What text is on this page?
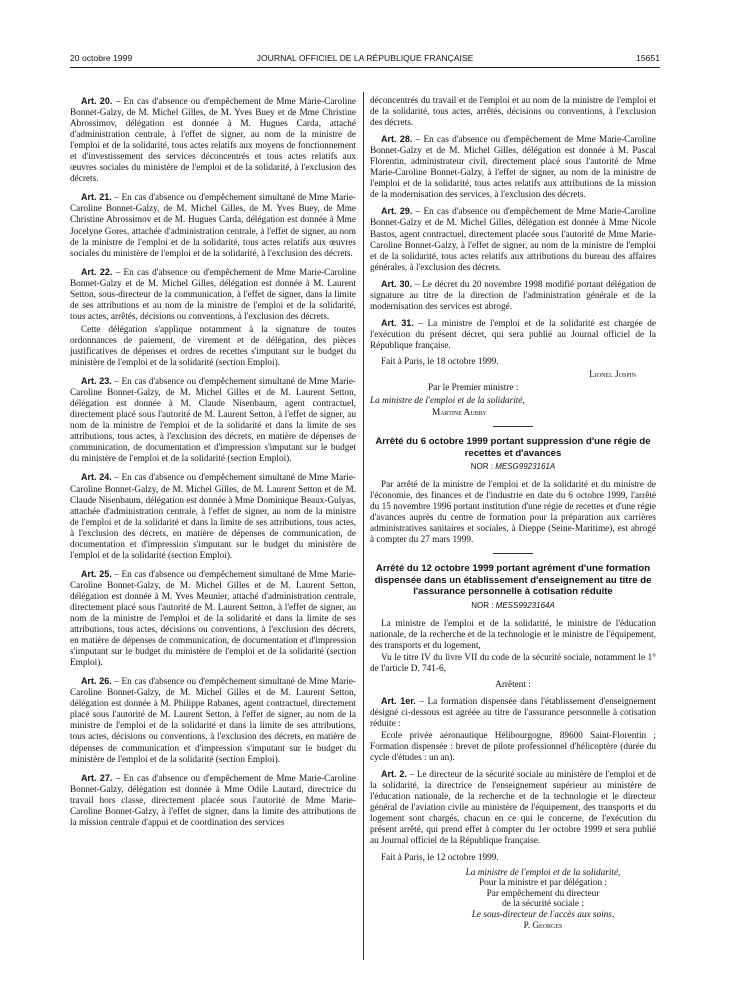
20 octobre 1999	JOURNAL OFFICIEL DE LA RÉPUBLIQUE FRANÇAISE	15651

Art. 20. – En cas d'absence ou d'empêchement de Mme Marie-Caroline Bonnet-Galzy, de M. Michel Gilles, de M. Yves Buey et de Mme Christine Abrossimov, délégation est donnée à M. Hugues Carda, attaché d'administration centrale, à l'effet de signer, au nom de la ministre de l'emploi et de la solidarité, tous actes relatifs aux moyens de fonctionnement et d'investissement des services déconcentrés et tous actes relatifs aux œuvres sociales du ministère de l'emploi et de la solidarité, à l'exclusion des décrets.

Art. 21. – En cas d'absence ou d'empêchement simultané de Mme Marie-Caroline Bonnet-Galzy, de M. Michel Gilles, de M. Yves Buey, de Mme Christine Abrossimov et de M. Hugues Carda, délégation est donnée à Mme Jocelyne Gores, attachée d'administration centrale, à l'effet de signer, au nom de la ministre de l'emploi et de la solidarité, tous actes relatifs aux œuvres sociales du ministère de l'emploi et de la solidarité, à l'exclusion des décrets.

Art. 22. – En cas d'absence ou d'empêchement de Mme Marie-Caroline Bonnet-Galzy et de M. Michel Gilles, délégation est donnée à M. Laurent Setton, sous-directeur de la communication, à l'effet de signer, dans la limite de ses attributions et au nom de la ministre de l'emploi et de la solidarité, tous actes, arrêtés, décisions ou conventions, à l'exclusion des décrets.

Cette délégation s'applique notamment à la signature de toutes ordonnances de paiement, de virement et de délégation, des pièces justificatives de dépenses et ordres de recettes s'imputant sur le budget du ministère de l'emploi et de la solidarité (section Emploi).

Art. 23. – En cas d'absence ou d'empêchement simultané de Mme Marie-Caroline Bonnet-Galzy, de M. Michel Gilles et de M. Laurent Setton, délégation est donnée à M. Claude Nisenbaum, agent contractuel, directement placé sous l'autorité de M. Laurent Setton, à l'effet de signer, au nom de la ministre de l'emploi et de la solidarité et dans la limite de ses attributions, tous actes, à l'exclusion des décrets, en matière de dépenses de communication, de documentation et d'impression s'imputant sur le budget du ministère de l'emploi et de la solidarité (section Emploi).

Art. 24. – En cas d'absence ou d'empêchement simultané de Mme Marie-Caroline Bonnet-Galzy, de M. Michel Gilles, de M. Laurent Setton et de M. Claude Nisenbaum, délégation est donnée à Mme Dominique Beaux-Gulyas, attachée d'administration centrale, à l'effet de signer, au nom de la ministre de l'emploi et de la solidarité et dans la limite de ses attributions, tous actes, à l'exclusion des décrets, en matière de dépenses de communication, de documentation et d'impression s'imputant sur le budget du ministère de l'emploi et de la solidarité (section Emploi).

Art. 25. – En cas d'absence ou d'empêchement simultané de Mme Marie-Caroline Bonnet-Galzy, de M. Michel Gilles et de M. Laurent Setton, délégation est donnée à M. Yves Meunier, attaché d'administration centrale, directement placé sous l'autorité de M. Laurent Setton, à l'effet de signer, au nom de la ministre de l'emploi et de la solidarité et dans la limite de ses attributions, tous actes, décisions ou conventions, à l'exclusion des décrets, en matière de dépenses de communication, de documentation et d'impression s'imputant sur le budget du ministère de l'emploi et de la solidarité (section Emploi).

Art. 26. – En cas d'absence ou d'empêchement simultané de Mme Marie-Caroline Bonnet-Galzy, de M. Michel Gilles et de M. Laurent Setton, délégation est donnée à M. Philippe Rabanes, agent contractuel, directement placé sous l'autorité de M. Laurent Setton, à l'effet de signer, au nom de la ministre de l'emploi et de la solidarité et dans la limite de ses attributions, tous actes, décisions ou conventions, à l'exclusion des décrets, en matière de dépenses de communication et d'impression s'imputant sur le budget du ministère de l'emploi et de la solidarité (section Emploi).

Art. 27. – En cas d'absence ou d'empêchement de Mme Marie-Caroline Bonnet-Galzy, délégation est donnée à Mme Odile Lautard, directrice du travail hors classe, directement placée sous l'autorité de Mme Marie-Caroline Bonnet-Galzy, à l'effet de signer, dans la limite des attributions de la mission centrale d'appui et de coordination des services

déconcentrés du travail et de l'emploi et au nom de la ministre de l'emploi et de la solidarité, tous actes, arrêtés, décisions ou conventions, à l'exclusion des décrets.

Art. 28. – En cas d'absence ou d'empêchement de Mme Marie-Caroline Bonnet-Galzy et de M. Michel Gilles, délégation est donnée à M. Pascal Florentin, administrateur civil, directement placé sous l'autorité de Mme Marie-Caroline Bonnet-Galzy, à l'effet de signer, au nom de la ministre de l'emploi et de la solidarité, tous actes relatifs aux attributions de la mission de la modernisation des services, à l'exclusion des décrets.

Art. 29. – En cas d'absence ou d'empêchement de Mme Marie-Caroline Bonnet-Galzy et de M. Michel Gilles, délégation est donnée à Mme Nicole Bastos, agent contractuel, directement placée sous l'autorité de Mme Marie-Caroline Bonnet-Galzy, à l'effet de signer, au nom de la ministre de l'emploi et de la solidarité, tous actes relatifs aux attributions du bureau des affaires générales, à l'exclusion des décrets.

Art. 30. – Le décret du 20 novembre 1998 modifié portant délégation de signature au titre de la direction de l'administration générale et de la modernisation des services est abrogé.

Art. 31. – La ministre de l'emploi et de la solidarité est chargée de l'exécution du présent décret, qui sera publié au Journal officiel de la République française.

Fait à Paris, le 18 octobre 1999.

Lionel Jospin

Par le Premier ministre :

La ministre de l'emploi et de la solidarité,

Martine Aubry

Arrêté du 6 octobre 1999 portant suppression d'une régie de recettes et d'avances

NOR : MESG9923161A

Par arrêté de la ministre de l'emploi et de la solidarité et du ministre de l'économie, des finances et de l'industrie en date du 6 octobre 1999, l'arrêté du 15 novembre 1996 portant institution d'une régie de recettes et d'une régie d'avances auprès du centre de formation pour la préparation aux carrières administratives sanitaires et sociales, à Dieppe (Seine-Maritime), est abrogé à compter du 27 mars 1999.

Arrêté du 12 octobre 1999 portant agrément d'une formation dispensée dans un établissement d'enseignement au titre de l'assurance personnelle à cotisation réduite

NOR : MESS9923164A

La ministre de l'emploi et de la solidarité, le ministre de l'éducation nationale, de la recherche et de la technologie et le ministre de l'équipement, des transports et du logement,

Vu le titre IV du livre VII du code de la sécurité sociale, notamment le 1° de l'article D. 741-6,

Arrêtent :

Art. 1er. – La formation dispensée dans l'établissement d'enseignement désigné ci-dessous est agréée au titre de l'assurance personnelle à cotisation réduite :

Ecole privée aéronautique Hélibourgogne, 89600 Saint-Florentin ; Formation dispensée : brevet de pilote professionnel d'hélicoptère (durée du cycle d'études : un an).

Art. 2. – Le directeur de la sécurité sociale au ministère de l'emploi et de la solidarité, la directrice de l'enseignement supérieur au ministère de l'éducation nationale, de la recherche et de la technologie et le directeur général de l'aviation civile au ministère de l'équipement, des transports et du logement sont chargés, chacun en ce qui le concerne, de l'exécution du présent arrêté, qui prend effet à compter du 1er octobre 1999 et sera publié au Journal officiel de la République française.

Fait à Paris, le 12 octobre 1999.

La ministre de l'emploi et de la solidarité,

Pour la ministre et par délégation :

Par empêchement du directeur

de la sécurité sociale :

Le sous-directeur de l'accès aux soins,

P. Georges
